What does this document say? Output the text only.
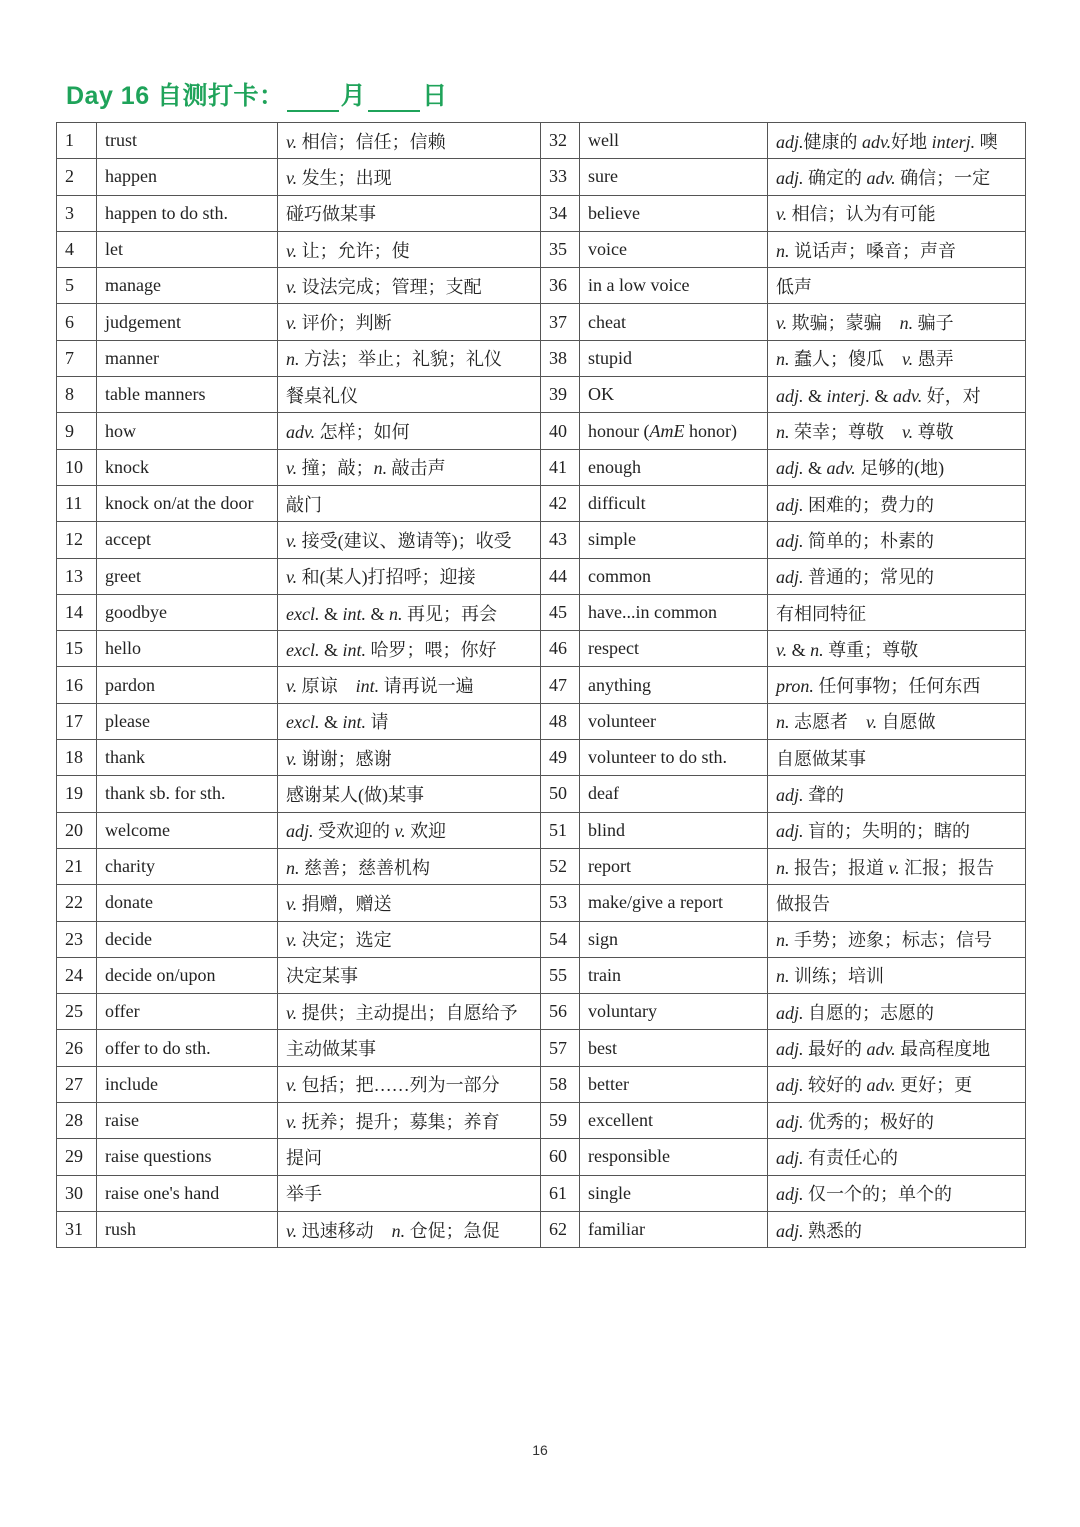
Day 16 自测打卡： 月 日
1	trust	v. 相信；信任；信赖	32	well	adj.健康的 adv.好地 interj. 噢
2	happen	v. 发生；出现	33	sure	adj. 确定的 adv. 确信；一定
3	happen to do sth.	碰巧做某事	34	believe	v. 相信；认为有可能
4	let	v. 让；允许；使	35	voice	n. 说话声；嗓音；声音
5	manage	v. 设法完成；管理；支配	36	in a low voice	低声
6	judgement	v. 评价；判断	37	cheat	v. 欺骗；蒙骗　n. 骗子
7	manner	n. 方法；举止；礼貌；礼仪	38	stupid	n. 蠢人；傻瓜　v. 愚弄
8	table manners	餐桌礼仪	39	OK	adj. & interj. & adv. 好，对
9	how	adv. 怎样；如何	40	honour (AmE honor)	n. 荣幸；尊敬　v. 尊敬
10	knock	v. 撞；敲；n. 敲击声	41	enough	adj. & adv. 足够的(地)
11	knock on/at the door	敲门	42	difficult	adj. 困难的；费力的
12	accept	v. 接受(建议、邀请等)；收受	43	simple	adj. 简单的；朴素的
13	greet	v. 和(某人)打招呼；迎接	44	common	adj. 普通的；常见的
14	goodbye	excl. & int. & n. 再见；再会	45	have...in common	有相同特征
15	hello	excl. & int. 哈罗；喂；你好	46	respect	v. & n. 尊重；尊敬
16	pardon	v. 原谅　int. 请再说一遍	47	anything	pron. 任何事物；任何东西
17	please	excl. & int. 请	48	volunteer	n. 志愿者　v. 自愿做
18	thank	v. 谢谢；感谢	49	volunteer to do sth.	自愿做某事
19	thank sb. for sth.	感谢某人(做)某事	50	deaf	adj. 聋的
20	welcome	adj. 受欢迎的 v. 欢迎	51	blind	adj. 盲的；失明的；瞎的
21	charity	n. 慈善；慈善机构	52	report	n. 报告；报道 v. 汇报；报告
22	donate	v. 捐赠，赠送	53	make/give a report	做报告
23	decide	v. 决定；选定	54	sign	n. 手势；迹象；标志；信号
24	decide on/upon	决定某事	55	train	n. 训练；培训
25	offer	v. 提供；主动提出；自愿给予	56	voluntary	adj. 自愿的；志愿的
26	offer to do sth.	主动做某事	57	best	adj. 最好的 adv. 最高程度地
27	include	v. 包括；把……列为一部分	58	better	adj. 较好的 adv. 更好；更
28	raise	v. 抚养；提升；募集；养育	59	excellent	adj. 优秀的；极好的
29	raise questions	提问	60	responsible	adj. 有责任心的
30	raise one's hand	举手	61	single	adj. 仅一个的；单个的
31	rush	v. 迅速移动　n. 仓促；急促	62	familiar	adj. 熟悉的
16
